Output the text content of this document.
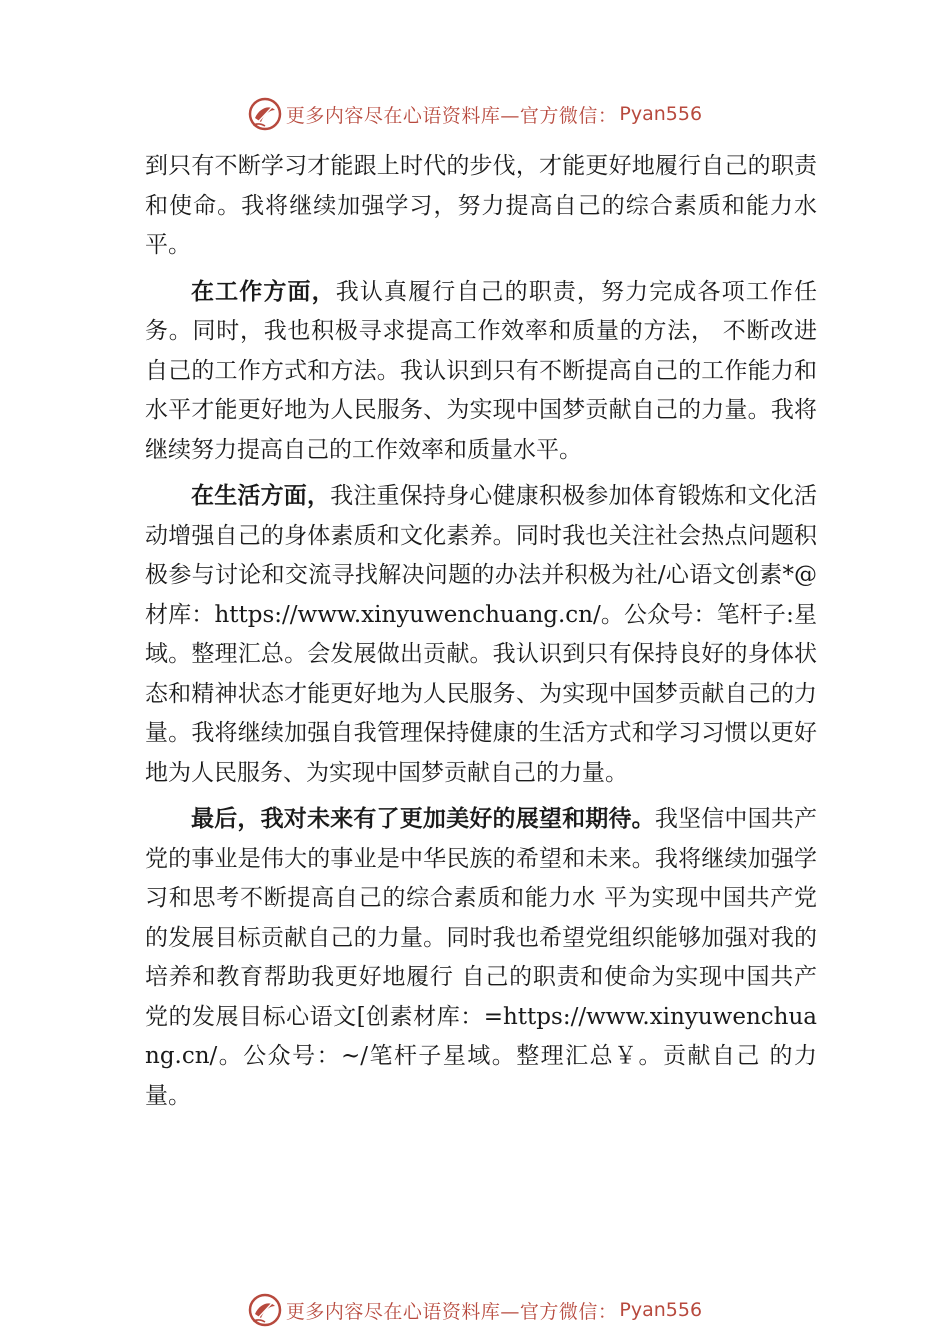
更多内容尽在心语资料库—官方微信： Pyan556

到只有不断学习才能跟上时代的步伐，才能更好地履行自己的职责和使命。我将继续加强学习，努力提高自己的综合素质和能力水平。

在工作方面，我认真履行自己的职责，努力完成各项工作任务。同时，我也积极寻求提高工作效率和质量的方法， 不断改进自己的工作方式和方法。我认识到只有不断提高自己的工作能力和水平才能更好地为人民服务、为实现中国梦贡献自己的力量。我将继续努力提高自己的工作效率和质量水平。

在生活方面，我注重保持身心健康积极参加体育锻炼和文化活动增强自己的身体素质和文化素养。同时我也关注社会热点问题积极参与讨论和交流寻找解决问题的办法并积极为社/心语文创素*@材库：https://www.xinyuwenchuang.cn/。公众号：笔杆子:星域。整理汇总。会发展做出贡献。我认识到只有保持良好的身体状态和精神状态才能更好地为人民服务、为实现中国梦贡献自己的力量。我将继续加强自我管理保持健康的生活方式和学习习惯以更好地为人民服务、为实现中国梦贡献自己的力量。

最后，我对未来有了更加美好的展望和期待。我坚信中国共产党的事业是伟大的事业是中华民族的希望和未来。我将继续加强学习和思考不断提高自己的综合素质和能力水 平为实现中国共产党的发展目标贡献自己的力量。同时我也希望党组织能够加强对我的培养和教育帮助我更好地履行 自己的职责和使命为实现中国共产党的发展目标心语文[创素材库：=https://www.xinyuwenchuang.cn/。公众号：~/笔杆子星域。整理汇总￥。贡献自己 的力量。

更多内容尽在心语资料库—官方微信： Pyan556
